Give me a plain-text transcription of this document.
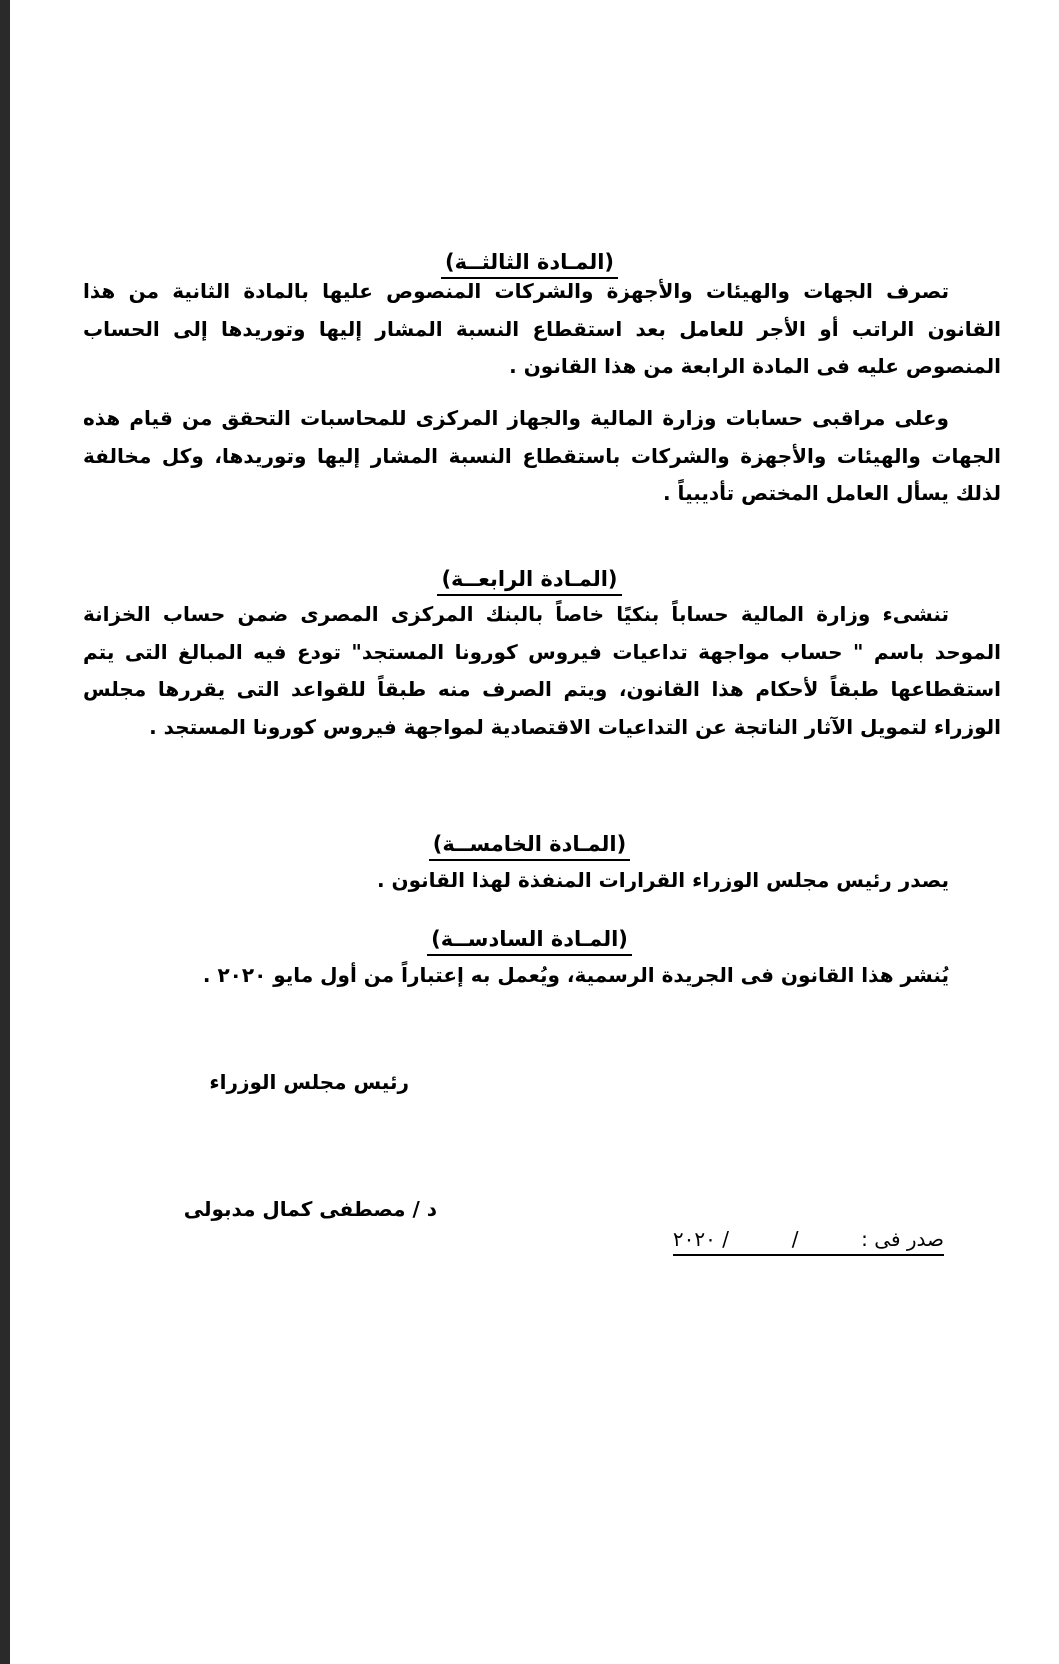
(المـادة الثالثــة)

تصرف الجهات والهيئات والأجهزة والشركات المنصوص عليها بالمادة الثانية من هذا القانون الراتب أو الأجر للعامل بعد استقطاع النسبة المشار إليها وتوريدها إلى الحساب المنصوص عليه فى المادة الرابعة من هذا القانون .

وعلى مراقبى حسابات وزارة المالية والجهاز المركزى للمحاسبات التحقق من قيام هذه الجهات والهيئات والأجهزة والشركات باستقطاع النسبة المشار إليها وتوريدها، وكل مخالفة لذلك يسأل العامل المختص تأديبياً .

(المـادة الرابعــة)

تنشىء وزارة المالية حساباً بنكيًا خاصاً بالبنك المركزى المصرى ضمن حساب الخزانة الموحد باسم " حساب مواجهة تداعيات فيروس كورونا المستجد" تودع فيه المبالغ التى يتم استقطاعها طبقاً لأحكام هذا القانون، ويتم الصرف منه طبقاً للقواعد التى يقررها مجلس الوزراء لتمويل الآثار الناتجة عن التداعيات الاقتصادية لمواجهة فيروس كورونا المستجد .

(المـادة الخامســة)

يصدر رئيس مجلس الوزراء القرارات المنفذة لهذا القانون .

(المـادة السادســة)

يُنشر هذا القانون فى الجريدة الرسمية، ويُعمل به إعتباراً من أول مايو ٢٠٢٠ .

رئيس مجلس الوزراء

د / مصطفى كمال مدبولى

صدر فى :  /  / ٢٠٢٠
